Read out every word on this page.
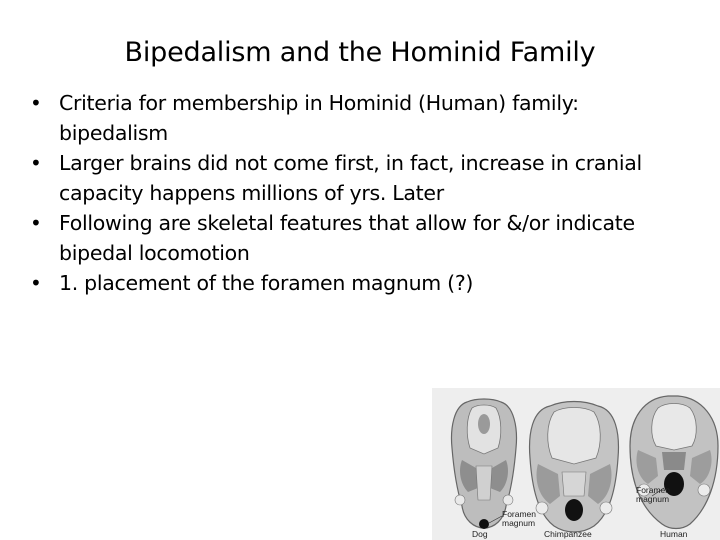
Bipedalism and the Hominid Family
• Criteria for membership in Hominid (Human) family: bipedalism
• Larger brains did not come first, in fact, increase in cranial capacity happens millions of yrs. Later
• Following are skeletal features that allow for &/or indicate bipedal locomotion
• 1. placement of the foramen magnum (?)
Foramen
magnum
Foramen
magnum
Dog	Chimpanzee	Human
